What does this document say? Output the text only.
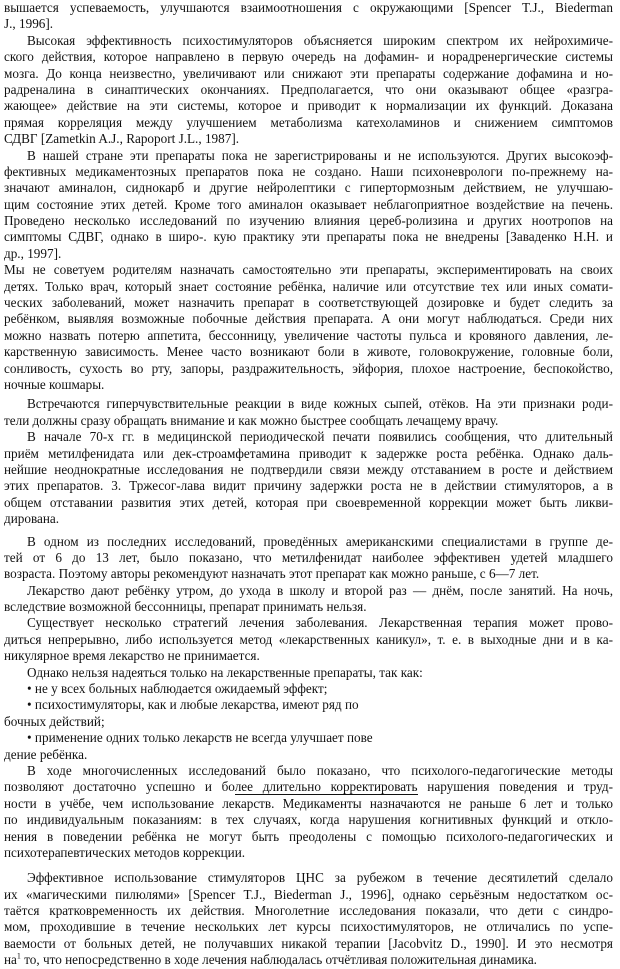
вышается успеваемость, улучшаются взаимоотношения с окружающими [Spencer T.J., Biederman
J., 1996].
Высокая эффективность психостимуляторов объясняется широким спектром их нейрохимиче-
ского действия, которое направлено в первую очередь на дофамин- и норадренергические системы
мозга. До конца неизвестно, увеличивают или снижают эти препараты содержание дофамина и но-
радреналина в синаптических окончаниях. Предполагается, что они оказывают общее «разгра-
жающее» действие на эти системы, которое и приводит к нормализации их функций. Доказана
прямая корреляция между улучшением метаболизма катехоламинов и снижением симптомов
СДВГ [Zametkin A.J., Rapoport J.L., 1987].
В нашей стране эти препараты пока не зарегистрированы и не используются. Других высокоэф-
фективных медикаментозных препаратов пока не создано. Наши психоневрологи по-прежнему на-
значают аминалон, сиднокарб и другие нейролептики с гипертормозным действием, не улучшаю-
щим состояние этих детей. Кроме того аминалон оказывает неблагоприятное воздействие на печень.
Проведено несколько исследований по изучению влияния цереб-ролизина и других ноотропов на
симптомы СДВГ, однако в широ-. кую практику эти препараты пока не внедрены [Заваденко Н.Н. и
др., 1997].
Мы не советуем родителям назначать самостоятельно эти препараты, экспериментировать на своих
детях. Только врач, который знает состояние ребёнка, наличие или отсутствие тех или иных сомати-
ческих заболеваний, может назначить препарат в соответствующей дозировке и будет следить за
ребёнком, выявляя возможные побочные действия препарата. А они могут наблюдаться. Среди них
можно назвать потерю аппетита, бессонницу, увеличение частоты пульса и кровяного давления, ле-
карственную зависимость. Менее часто возникают боли в животе, головокружение, головные боли,
сонливость, сухость во рту, запоры, раздражительность, эйфория, плохое настроение, беспокойство,
ночные кошмары.
Встречаются гиперчувствительные реакции в виде кожных сыпей, отёков. На эти признаки роди-
тели должны сразу обращать внимание и как можно быстрее сообщать лечащему врачу.
В начале 70-х гг. в медицинской периодической печати появились сообщения, что длительный
приём метилфенидата или дек-строамфетамина приводит к задержке роста ребёнка. Однако даль-
нейшие неоднократные исследования не подтвердили связи между отставанием в росте и действием
этих препаратов. 3. Тржесог-лава видит причину задержки роста не в действии стимуляторов, а в
общем отставании развития этих детей, которая при своевременной коррекции может быть ликви-
дирована.
В одном из последних исследований, проведённых американскими специалистами в группе де-
тей от 6 до 13 лет, было показано, что метилфенидат наиболее эффективен удетей младшего
возраста. Поэтому авторы рекомендуют назначать этот препарат как можно раньше, с 6—7 лет.
Лекарство дают ребёнку утром, до ухода в школу и второй раз — днём, после занятий. На ночь,
вследствие возможной бессонницы, препарат принимать нельзя.
Существует несколько стратегий лечения заболевания. Лекарственная терапия может прово-
диться непрерывно, либо используется метод «лекарственных каникул», т. е. в выходные дни и в ка-
никулярное время лекарство не принимается.
Однако нельзя надеяться только на лекарственные препараты, так как:
• не у всех больных наблюдается ожидаемый эффект;
• психостимуляторы, как и любые лекарства, имеют ряд по
бочных действий;
• применение одних только лекарств не всегда улучшает пове
дение ребёнка.
В ходе многочисленных исследований было показано, что психолого-педагогические методы
позволяют достаточно успешно и более длительно корректировать нарушения поведения и труд-
ности в учёбе, чем использование лекарств. Медикаменты назначаются не раньше 6 лет и только
по индивидуальным показаниям: в тех случаях, когда нарушения когнитивных функций и откло-
нения в поведении ребёнка не могут быть преодолены с помощью психолого-педагогических и
психотерапевтических методов коррекции.
Эффективное использование стимуляторов ЦНС за рубежом в течение десятилетий сделало
их «магическими пилюлями» [Spencer T.J., Biederman J., 1996], однако серьёзным недостатком ос-
таётся кратковременность их действия. Многолетние исследования показали, что дети с синдро-
мом, проходившие в течение нескольких лет курсы психостимуляторов, не отличались по успе-
ваемости от больных детей, не получавших никакой терапии [Jacobvitz D., 1990]. И это несмотря
$на^1$ то, что непосредственно в ходе лечения наблюдалась отчётливая положительная динамика.
